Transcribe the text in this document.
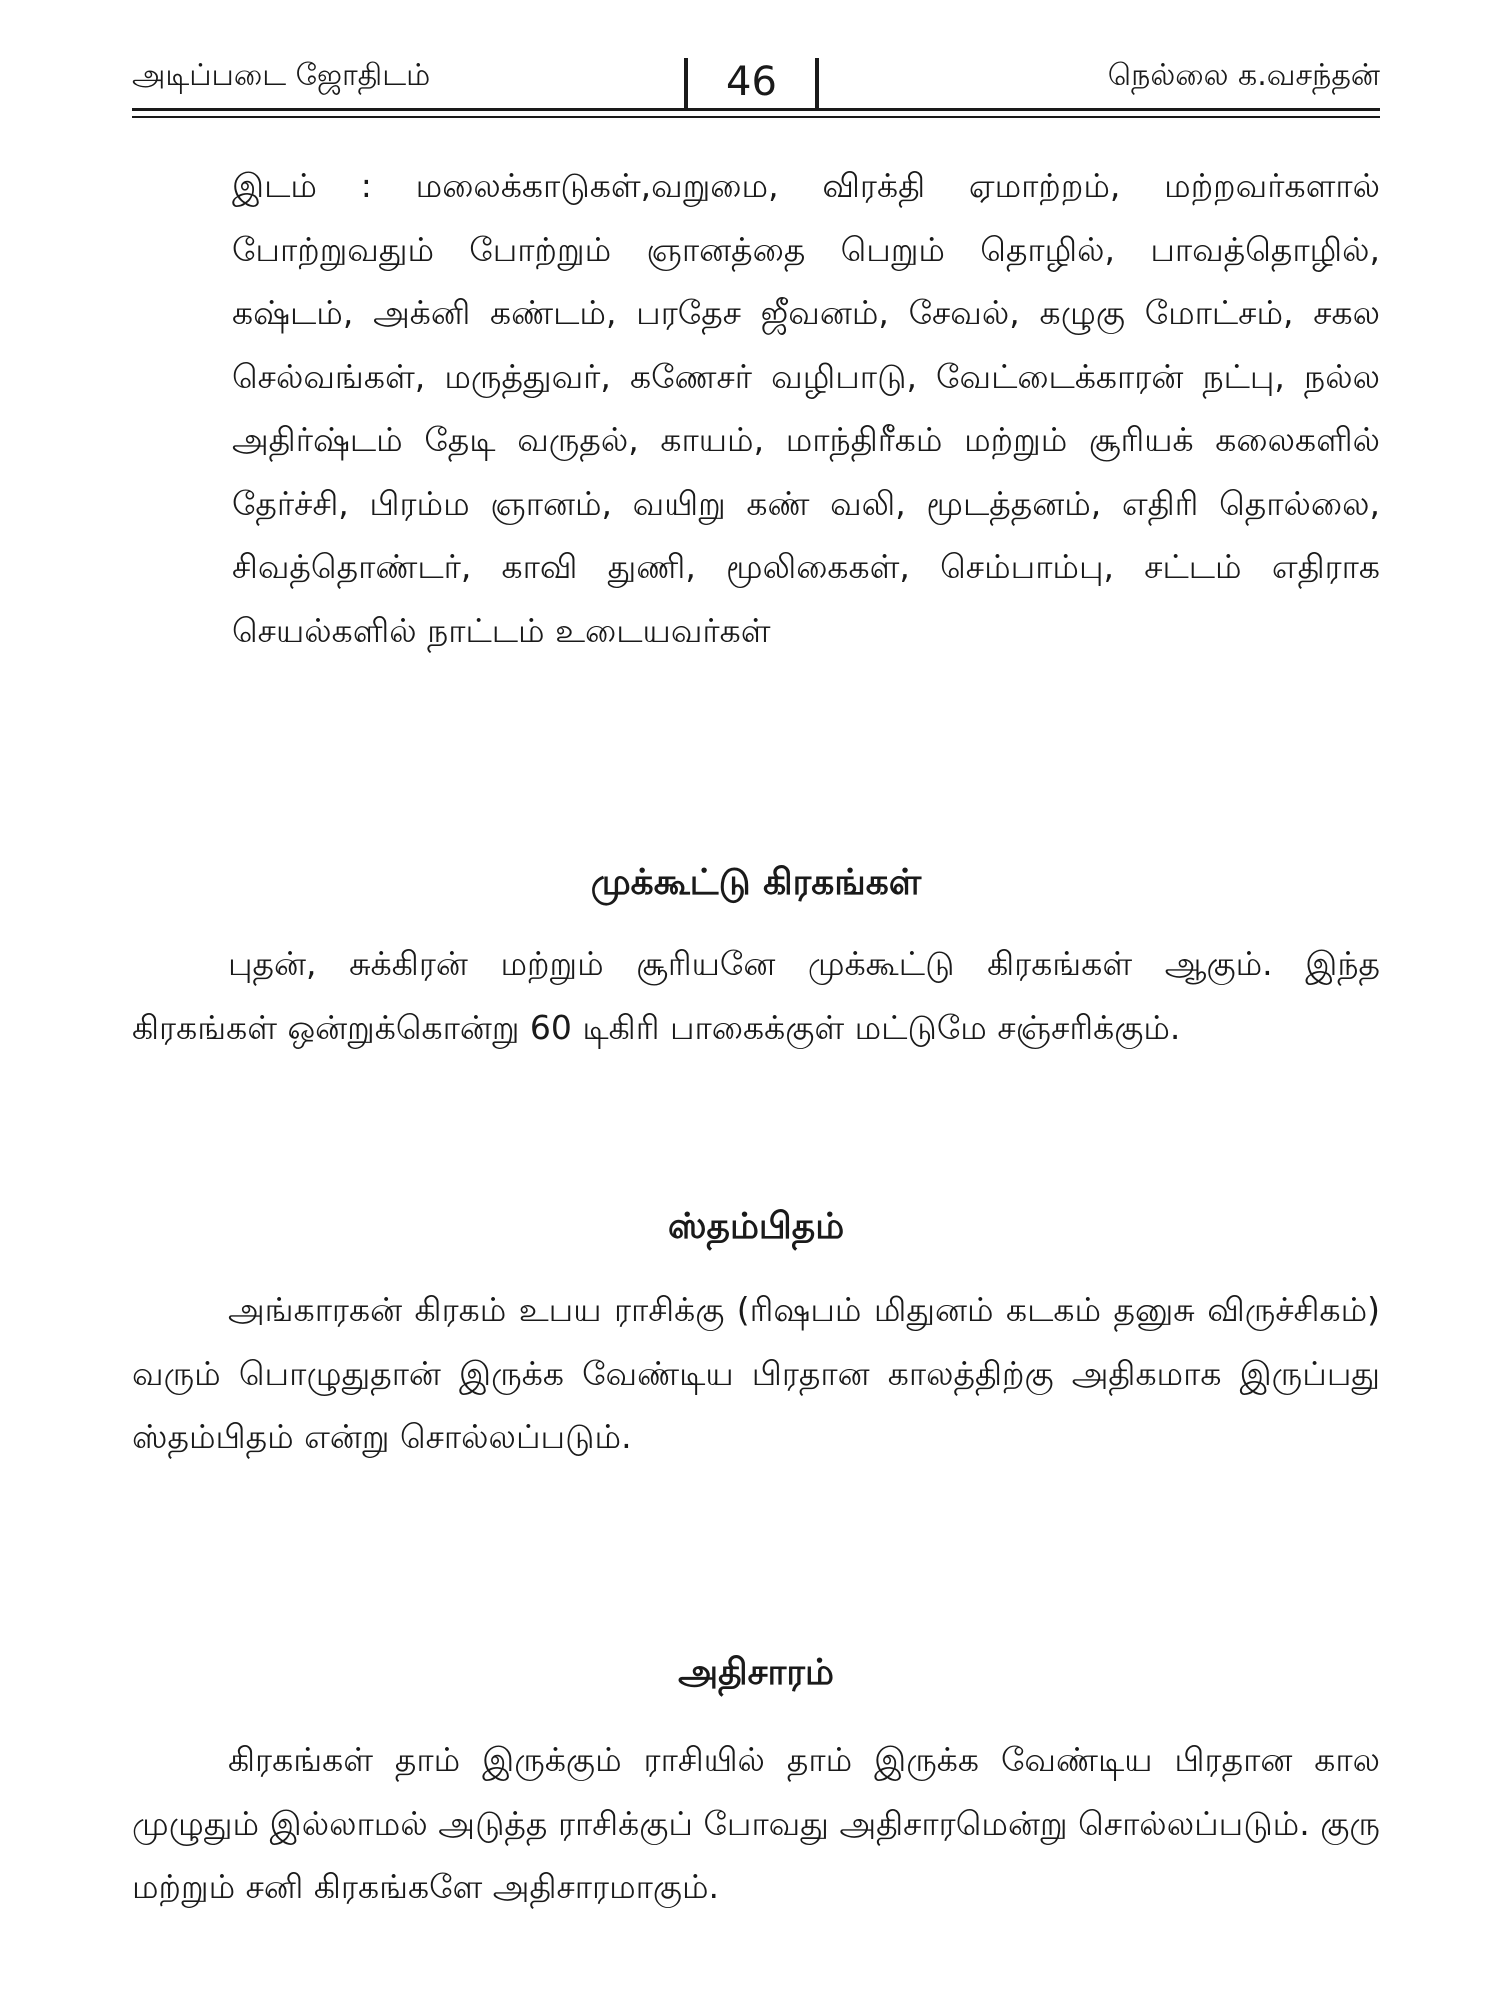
அடிப்படை ஜோதிடம்	46	நெல்லை க.வசந்தன்

இடம் : மலைக்காடுகள்,வறுமை, விரக்தி ஏமாற்றம், மற்றவர்களால் போற்றுவதும் போற்றும் ஞானத்தை பெறும் தொழில், பாவத்தொழில், கஷ்டம், அக்னி கண்டம், பரதேச ஜீவனம், சேவல், கழுகு மோட்சம், சகல செல்வங்கள், மருத்துவர், கணேசர் வழிபாடு, வேட்டைக்காரன் நட்பு, நல்ல அதிர்ஷ்டம் தேடி வருதல், காயம், மாந்திரீகம் மற்றும் சூரியக் கலைகளில் தேர்ச்சி, பிரம்ம ஞானம், வயிறு கண் வலி, மூடத்தனம், எதிரி தொல்லை, சிவத்தொண்டர், காவி துணி, மூலிகைகள், செம்பாம்பு, சட்டம் எதிராக செயல்களில் நாட்டம் உடையவர்கள்

முக்கூட்டு கிரகங்கள்

புதன், சுக்கிரன் மற்றும் சூரியனே முக்கூட்டு கிரகங்கள் ஆகும். இந்த கிரகங்கள் ஒன்றுக்கொன்று 60 டிகிரி பாகைக்குள் மட்டுமே சஞ்சரிக்கும்.

ஸ்தம்பிதம்

அங்காரகன் கிரகம் உபய ராசிக்கு (ரிஷபம் மிதுனம் கடகம் தனுசு விருச்சிகம்) வரும் பொழுதுதான் இருக்க வேண்டிய பிரதான காலத்திற்கு அதிகமாக இருப்பது ஸ்தம்பிதம் என்று சொல்லப்படும்.

அதிசாரம்

கிரகங்கள் தாம் இருக்கும் ராசியில் தாம் இருக்க வேண்டிய பிரதான கால முழுதும் இல்லாமல் அடுத்த ராசிக்குப் போவது அதிசாரமென்று சொல்லப்படும். குரு மற்றும் சனி கிரகங்களே அதிசாரமாகும்.
